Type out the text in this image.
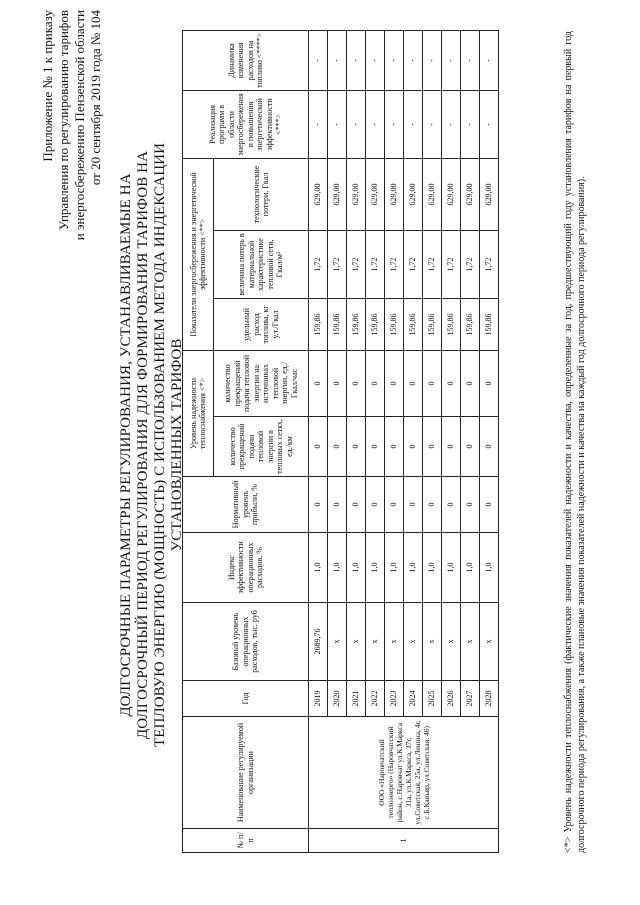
Приложение № 1 к приказу Управления по регулированию тарифов и энергосбережению Пензенской области от 20 сентября 2019 года № 104
ДОЛГОСРОЧНЫЕ ПАРАМЕТРЫ РЕГУЛИРОВАНИЯ, УСТАНАВЛИВАЕМЫЕ НА ДОЛГОСРОЧНЫЙ ПЕРИОД РЕГУЛИРОВАНИЯ ДЛЯ ФОРМИРОВАНИЯ ТАРИФОВ НА ТЕПЛОВУЮ ЭНЕРГИЮ (МОЩНОСТЬ) С ИСПОЛЬЗОВАНИЕМ МЕТОДА ИНДЕКСАЦИИ УСТАНОВЛЕННЫХ ТАРИФОВ
№ п/п	Наименование регулируемой организации	Год	Базовый уровень операционных расходов, тыс. руб	Индекс эффективности операционных расходов, %	Нормативный уровень прибыли, %	Уровень надежности теплоснабжения <*>		Показатели энергосбережения и энергетической эффективности <**>			Реализация программ в области энергосбережения и повышения энергетической эффективности <***>	Динамика изменения расходов на топливо <****>
						количество прекращений подачи тепловой энергии в тепловых сетях, ед./км	количество прекращений подачи тепловой энергии на источниках тепловой энергии, ед./Гкал/час	удельный расход топлива, кг у.т./Гкал	величина потерь в материальной характеристике тепловой сети, Гкал/м²	технологические потери, Гкал		
1	ООО «Наровчатский теплоэнерго» (Наровчатский район, с.Наровчат ул.К.Маркса 31а, ул.К.Маркса, 37г, ул.Советская, 25а, ул.Ленина, 4г, с.Б.Кавьяр, ул.Советская, 46)	2019	2689,76	1,0	0	0	0	159,86	1,72	629,00	-	-
		2020	x	1,0	0	0	0	159,86	1,72	629,00	-	-
		2021	x	1,0	0	0	0	159,86	1,72	629,00	-	-
		2022	x	1,0	0	0	0	159,86	1,72	629,00	-	-
		2023	x	1,0	0	0	0	159,86	1,72	629,00	-	-
		2024	x	1,0	0	0	0	159,86	1,72	629,00	-	-
		2025	x	1,0	0	0	0	159,86	1,72	629,00	-	-
		2026	x	1,0	0	0	0	159,86	1,72	629,00	-	-
		2027	x	1,0	0	0	0	159,86	1,72	629,00	-	-
		2028	x	1,0	0	0	0	159,86	1,72	629,00	-	-	<*> Уровень надежности теплоснабжения (фактические значения показателей надежности и качества, определенные за год, предшествующий году установления тарифов на первый год долгосрочного периода регулирования, а также плановые значения показателей надежности и качества на каждый год долгосрочного периода регулирования).
